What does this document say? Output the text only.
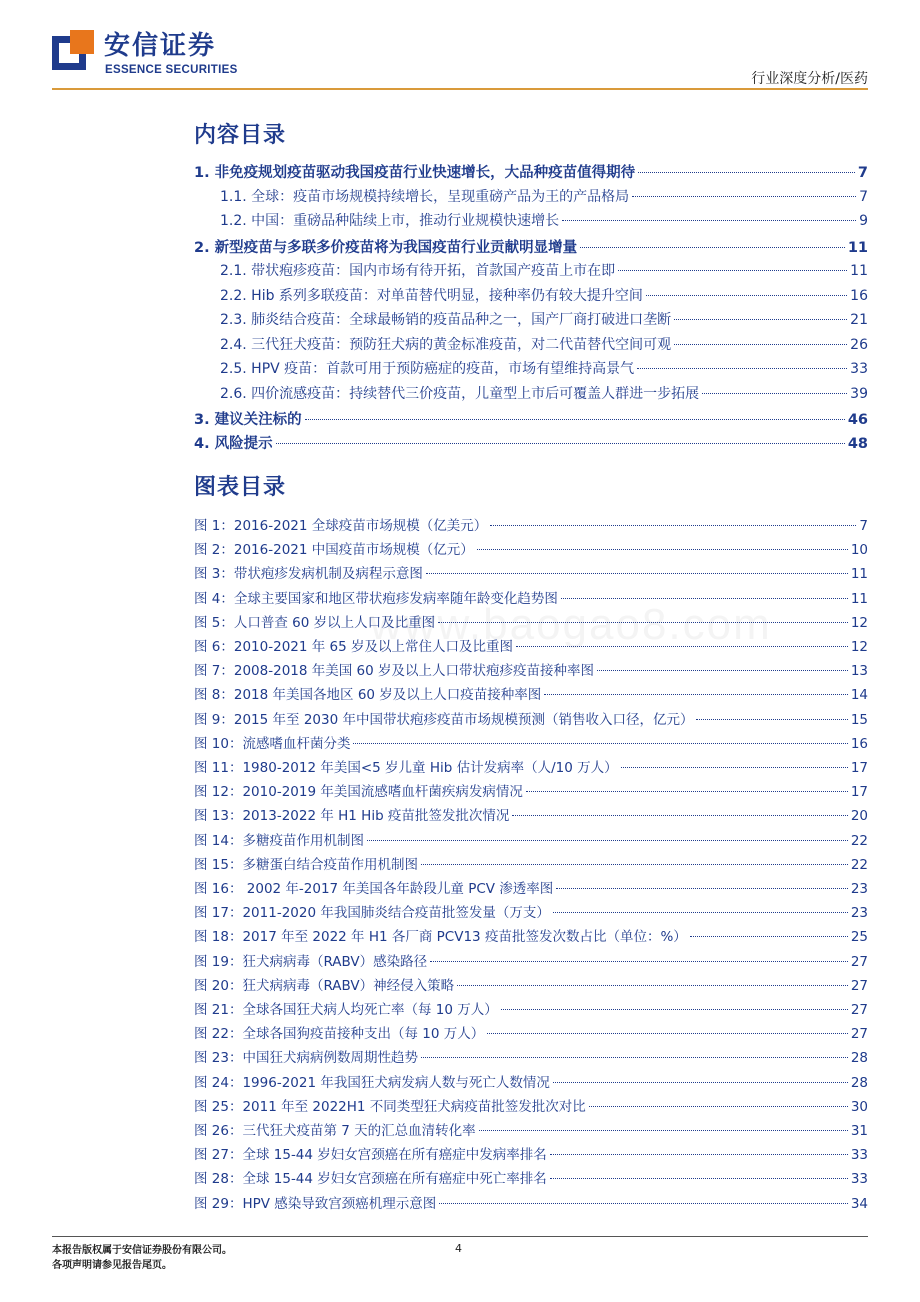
安信证券
ESSENCE SECURITIES
行业深度分析/医药
www.baogao8.com
内容目录
1. 非免疫规划疫苗驱动我国疫苗行业快速增长，大品种疫苗值得期待	7
1.1. 全球：疫苗市场规模持续增长，呈现重磅产品为王的产品格局	7
1.2. 中国：重磅品种陆续上市，推动行业规模快速增长	9
2. 新型疫苗与多联多价疫苗将为我国疫苗行业贡献明显增量	11
2.1. 带状疱疹疫苗：国内市场有待开拓，首款国产疫苗上市在即	11
2.2. Hib 系列多联疫苗：对单苗替代明显，接种率仍有较大提升空间	16
2.3. 肺炎结合疫苗：全球最畅销的疫苗品种之一，国产厂商打破进口垄断	21
2.4. 三代狂犬疫苗：预防狂犬病的黄金标准疫苗，对二代苗替代空间可观	26
2.5. HPV 疫苗：首款可用于预防癌症的疫苗，市场有望维持高景气	33
2.6. 四价流感疫苗：持续替代三价疫苗，儿童型上市后可覆盖人群进一步拓展	39
3. 建议关注标的	46
4. 风险提示	48
图表目录
图 1：2016-2021 全球疫苗市场规模（亿美元）	7
图 2：2016-2021 中国疫苗市场规模（亿元）	10
图 3：带状疱疹发病机制及病程示意图	11
图 4：全球主要国家和地区带状疱疹发病率随年龄变化趋势图	11
图 5：人口普查 60 岁以上人口及比重图	12
图 6：2010-2021 年 65 岁及以上常住人口及比重图	12
图 7：2008-2018 年美国 60 岁及以上人口带状疱疹疫苗接种率图	13
图 8：2018 年美国各地区 60 岁及以上人口疫苗接种率图	14
图 9：2015 年至 2030 年中国带状疱疹疫苗市场规模预测（销售收入口径，亿元）	15
图 10：流感嗜血杆菌分类	16
图 11：1980-2012 年美国<5 岁儿童 Hib 估计发病率（人/10 万人）	17
图 12：2010-2019 年美国流感嗜血杆菌疾病发病情况	17
图 13：2013-2022 年 H1 Hib 疫苗批签发批次情况	20
图 14：多糖疫苗作用机制图	22
图 15：多糖蛋白结合疫苗作用机制图	22
图 16： 2002 年-2017 年美国各年龄段儿童 PCV 渗透率图	23
图 17：2011-2020 年我国肺炎结合疫苗批签发量（万支）	23
图 18：2017 年至 2022 年 H1 各厂商 PCV13 疫苗批签发次数占比（单位：%）	25
图 19：狂犬病病毒（RABV）感染路径	27
图 20：狂犬病病毒（RABV）神经侵入策略	27
图 21：全球各国狂犬病人均死亡率（每 10 万人）	27
图 22：全球各国狗疫苗接种支出（每 10 万人）	27
图 23：中国狂犬病病例数周期性趋势	28
图 24：1996-2021 年我国狂犬病发病人数与死亡人数情况	28
图 25：2011 年至 2022H1 不同类型狂犬病疫苗批签发批次对比	30
图 26：三代狂犬疫苗第 7 天的汇总血清转化率	31
图 27：全球 15-44 岁妇女宫颈癌在所有癌症中发病率排名	33
图 28：全球 15-44 岁妇女宫颈癌在所有癌症中死亡率排名	33
图 29：HPV 感染导致宫颈癌机理示意图	34
本报告版权属于安信证券股份有限公司。
各项声明请参见报告尾页。
4
